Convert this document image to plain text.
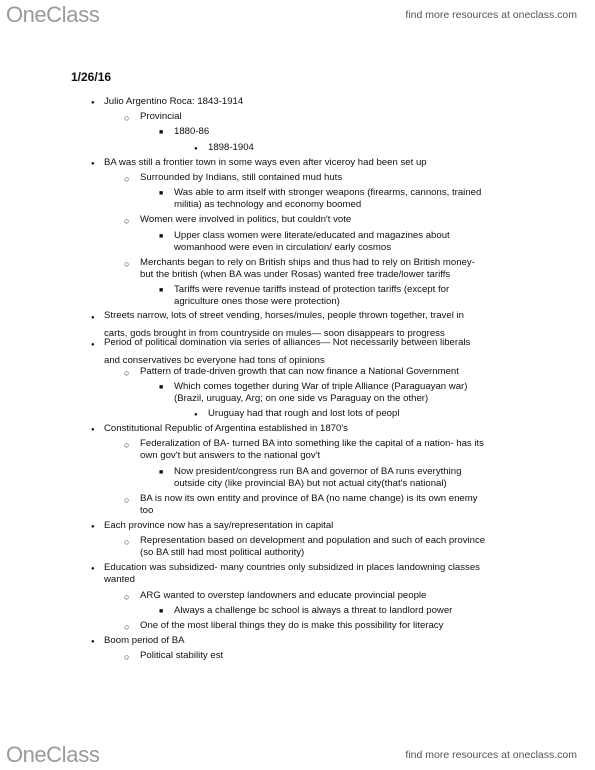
OneClass	find more resources at oneclass.com
1/26/16
● Julio Argentino Roca: 1843-1914
○ Provincial
■ 1880-86
● 1898-1904
● BA was still a frontier town in some ways even after viceroy had been set up
○ Surrounded by Indians, still contained mud huts
■ Was able to arm itself with stronger weapons (firearms, cannons, trained
militia) as technology and economy boomed
○ Women were involved in politics, but couldn't vote
■ Upper class women were literate/educated and magazines about
womanhood were even in circulation/ early cosmos
○ Merchants began to rely on British ships and thus had to rely on British money-
but the british (when BA was under Rosas) wanted free trade/lower tariffs
■ Tariffs were revenue tariffs instead of protection tariffs (except for
agriculture ones those were protection)
● Streets narrow, lots of street vending, horses/mules, people thrown together, travel in

carts, gods brought in from countryside on mules— soon disappears to progress
● Period of political domination via series of alliances— Not necessarily between liberals

and conservatives bc everyone had tons of opinions
○ Pattern of trade-driven growth that can now finance a National Government
■ Which comes together during War of triple Alliance (Paraguayan war)
(Brazil, uruguay, Arg; on one side vs Paraguay on the other)
● Uruguay had that rough and lost lots of peopl
● Constitutional Republic of Argentina established in 1870's
○ Federalization of BA- turned BA into something like the capital of a nation- has its
own gov't but answers to the national gov't
■ Now president/congress run BA and governor of BA runs everything
outside city (like provincial BA) but not actual city(that's national)
○ BA is now its own entity and province of BA (no name change) is its own enemy
too
● Each province now has a say/representation in capital
○ Representation based on development and population and such of each province
(so BA still had most political authority)
● Education was subsidized- many countries only subsidized in places landowning classes
wanted
○ ARG wanted to overstep landowners and educate provincial people
■ Always a challenge bc school is always a threat to landlord power
○ One of the most liberal things they do is make this possibility for literacy
● Boom period of BA
○ Political stability est
OneClass	find more resources at oneclass.com
